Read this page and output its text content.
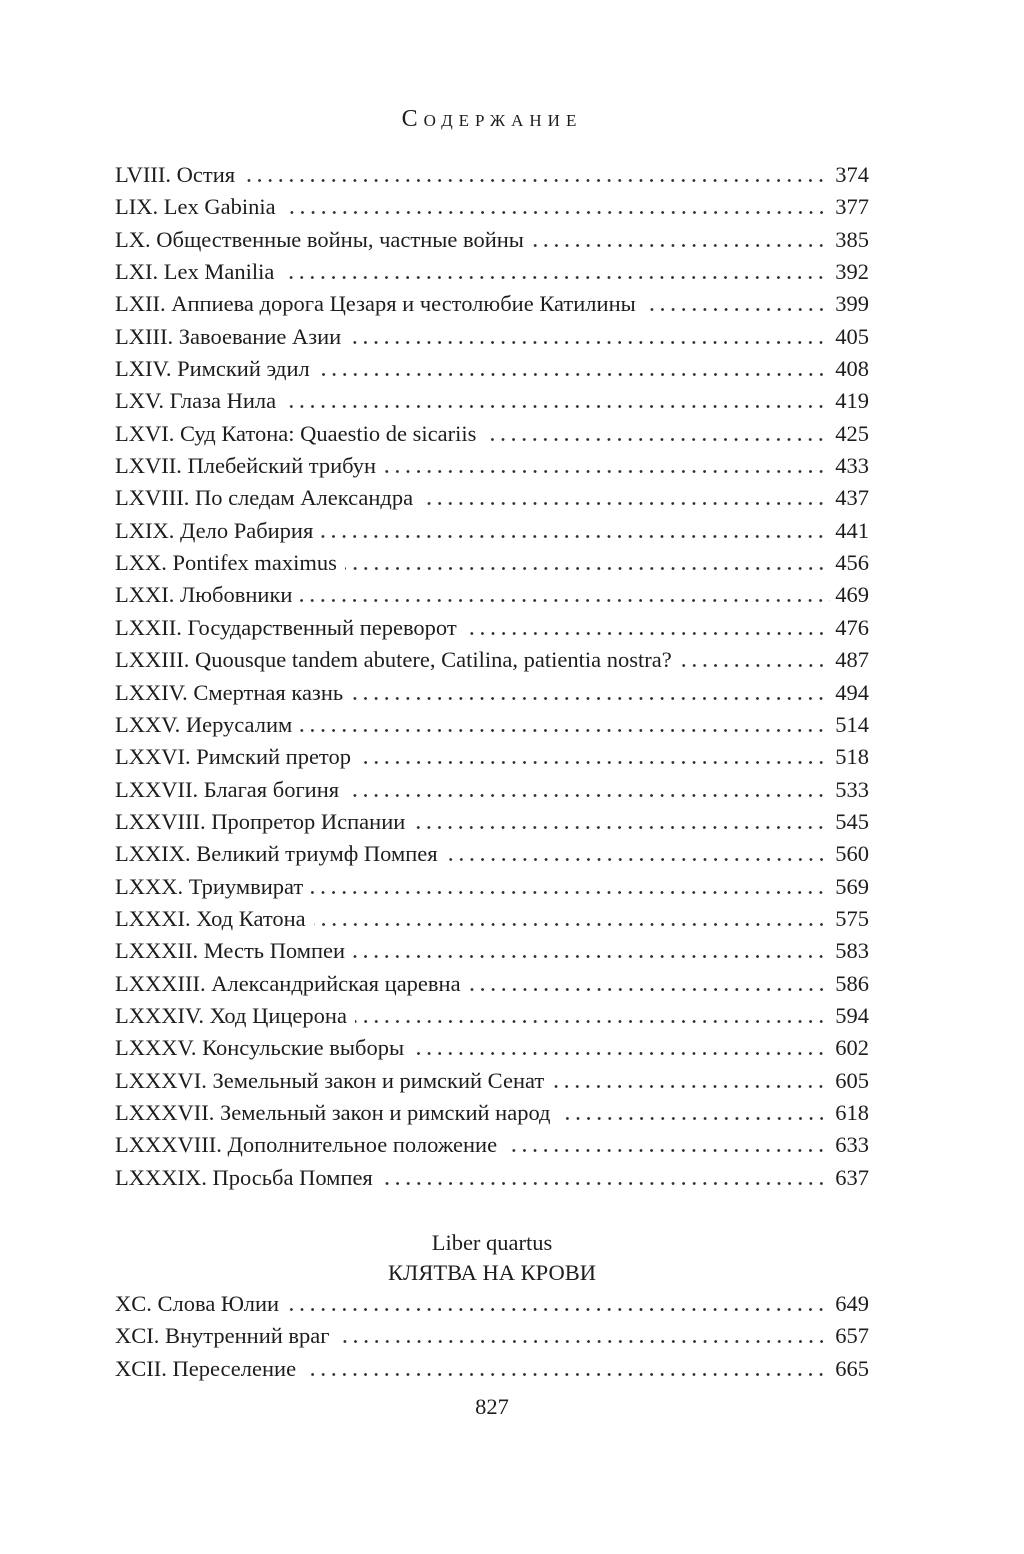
Содержание
LVIII. Остия	374
LIX. Lex Gabinia	377
LX. Общественные войны, частные войны	385
LXI. Lex Manilia	392
LXII. Аппиева дорога Цезаря и честолюбие Катилины	399
LXIII. Завоевание Азии	405
LXIV. Римский эдил	408
LXV. Глаза Нила	419
LXVI. Суд Катона: Quaestio de sicariis	425
LXVII. Плебейский трибун	433
LXVIII. По следам Александра	437
LXIX. Дело Рабирия	441
LXX. Pontifex maximus	456
LXXI. Любовники	469
LXXII. Государственный переворот	476
LXXIII. Quousque tandem abutere, Catilina, patientia nostra?	487
LXXIV. Смертная казнь	494
LXXV. Иерусалим	514
LXXVI. Римский претор	518
LXXVII. Благая богиня	533
LXXVIII. Пропретор Испании	545
LXXIX. Великий триумф Помпея	560
LXXX. Триумвират	569
LXXXI. Ход Катона	575
LXXXII. Месть Помпеи	583
LXXXIII. Александрийская царевна	586
LXXXIV. Ход Цицерона	594
LXXXV. Консульские выборы	602
LXXXVI. Земельный закон и римский Сенат	605
LXXXVII. Земельный закон и римский народ	618
LXXXVIII. Дополнительное положение	633
LXXXIX. Просьба Помпея	637
Liber quartus
КЛЯТВА НА КРОВИ
XC. Слова Юлии	649
XCI. Внутренний враг	657
XCII. Переселение	665
827
